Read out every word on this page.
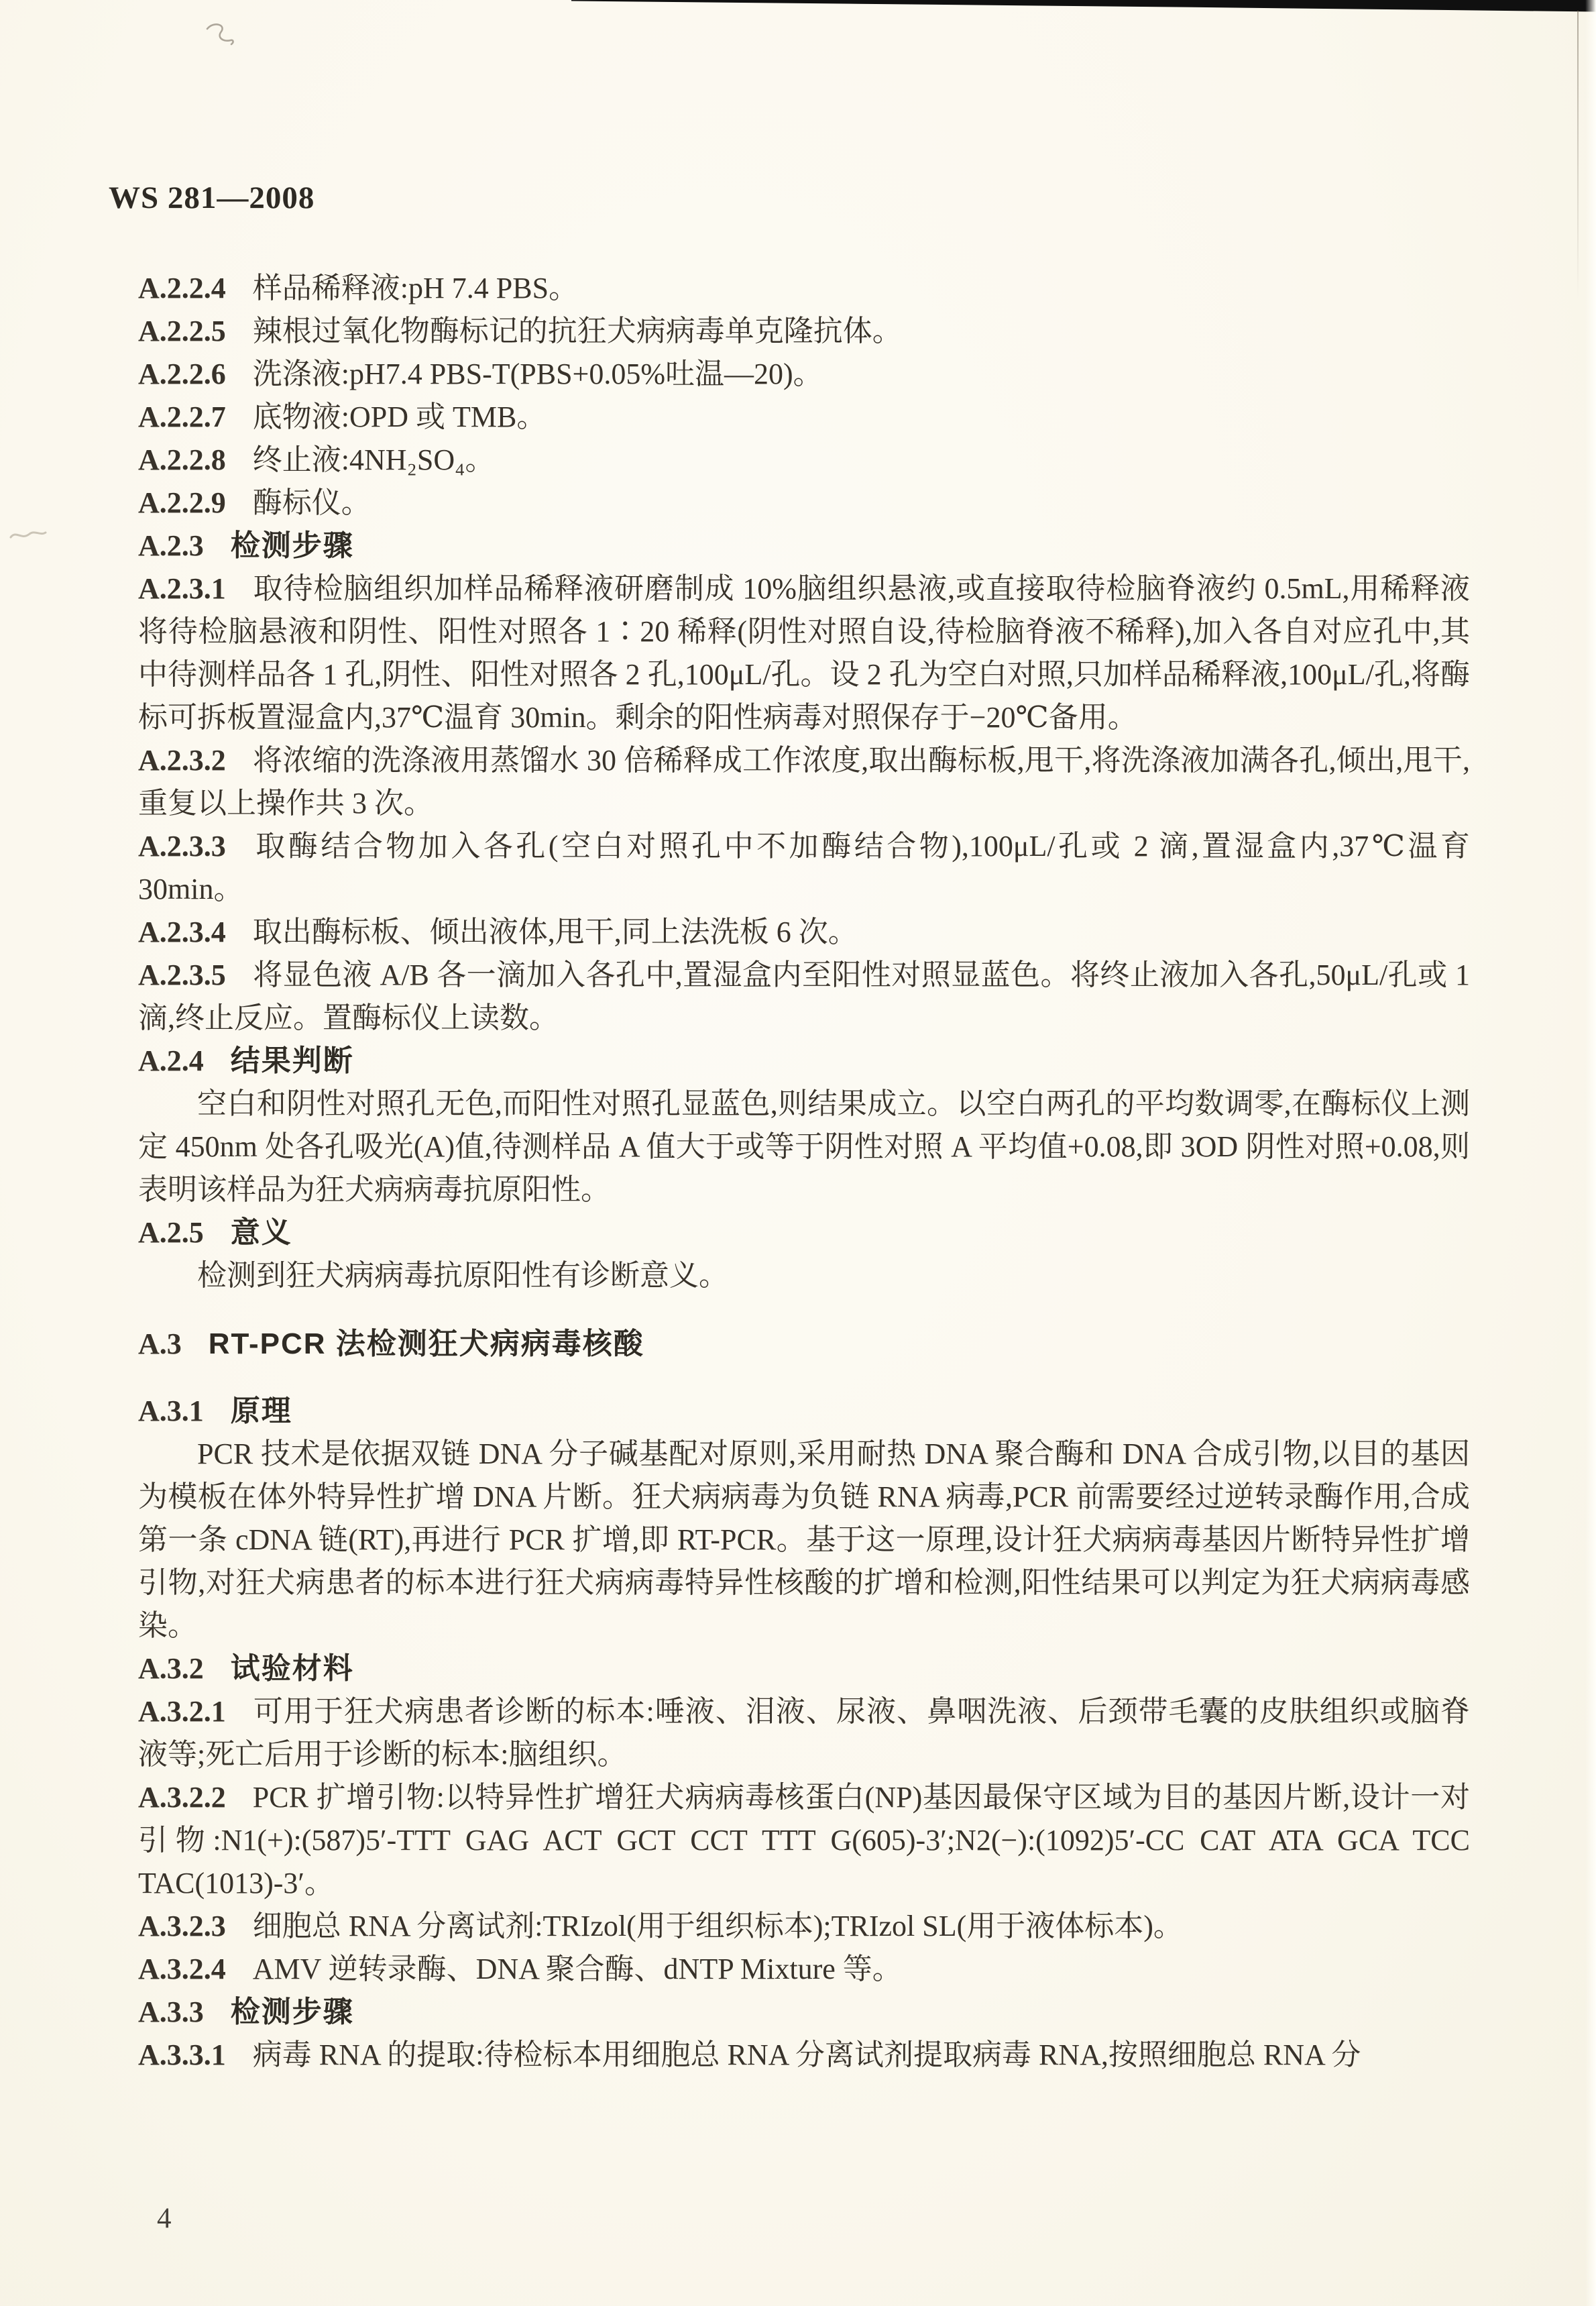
WS 281—2008
A.2.2.4 样品稀释液:pH 7.4 PBS。
A.2.2.5 辣根过氧化物酶标记的抗狂犬病病毒单克隆抗体。
A.2.2.6 洗涤液:pH7.4 PBS-T(PBS+0.05%吐温—20)。
A.2.2.7 底物液:OPD 或 TMB。
A.2.2.8 终止液:4NH₂SO₄。
A.2.2.9 酶标仪。
A.2.3 检测步骤
A.2.3.1 取待检脑组织加样品稀释液研磨制成 10%脑组织悬液,或直接取待检脑脊液约 0.5mL,用稀释液将待检脑悬液和阴性、阳性对照各 1∶20 稀释(阴性对照自设,待检脑脊液不稀释),加入各自对应孔中,其中待测样品各 1 孔,阴性、阳性对照各 2 孔,100μL/孔。设 2 孔为空白对照,只加样品稀释液,100μL/孔,将酶标可拆板置湿盒内,37℃温育 30min。剩余的阳性病毒对照保存于−20℃备用。
A.2.3.2 将浓缩的洗涤液用蒸馏水 30 倍稀释成工作浓度,取出酶标板,甩干,将洗涤液加满各孔,倾出,甩干,重复以上操作共 3 次。
A.2.3.3 取酶结合物加入各孔(空白对照孔中不加酶结合物),100μL/孔或 2 滴,置湿盒内,37℃温育 30min。
A.2.3.4 取出酶标板、倾出液体,甩干,同上法洗板 6 次。
A.2.3.5 将显色液 A/B 各一滴加入各孔中,置湿盒内至阳性对照显蓝色。将终止液加入各孔,50μL/孔或 1 滴,终止反应。置酶标仪上读数。
A.2.4 结果判断
空白和阴性对照孔无色,而阳性对照孔显蓝色,则结果成立。以空白两孔的平均数调零,在酶标仪上测定 450nm 处各孔吸光(A)值,待测样品 A 值大于或等于阴性对照 A 平均值+0.08,即 3OD 阴性对照+0.08,则表明该样品为狂犬病病毒抗原阳性。
A.2.5 意义
检测到狂犬病病毒抗原阳性有诊断意义。
A.3 RT-PCR 法检测狂犬病病毒核酸
A.3.1 原理
PCR 技术是依据双链 DNA 分子碱基配对原则,采用耐热 DNA 聚合酶和 DNA 合成引物,以目的基因为模板在体外特异性扩增 DNA 片断。狂犬病病毒为负链 RNA 病毒,PCR 前需要经过逆转录酶作用,合成第一条 cDNA 链(RT),再进行 PCR 扩增,即 RT-PCR。基于这一原理,设计狂犬病病毒基因片断特异性扩增引物,对狂犬病患者的标本进行狂犬病病毒特异性核酸的扩增和检测,阳性结果可以判定为狂犬病病毒感染。
A.3.2 试验材料
A.3.2.1 可用于狂犬病患者诊断的标本:唾液、泪液、尿液、鼻咽洗液、后颈带毛囊的皮肤组织或脑脊液等;死亡后用于诊断的标本:脑组织。
A.3.2.2 PCR 扩增引物:以特异性扩增狂犬病病毒核蛋白(NP)基因最保守区域为目的基因片断,设计一对引物:N1(+):(587)5′-TTT GAG ACT GCT CCT TTT G(605)-3′;N2(−):(1092)5′-CC CAT ATA GCA TCC TAC(1013)-3′。
A.3.2.3 细胞总 RNA 分离试剂:TRIzol(用于组织标本);TRIzol SL(用于液体标本)。
A.3.2.4 AMV 逆转录酶、DNA 聚合酶、dNTP Mixture 等。
A.3.3 检测步骤
A.3.3.1 病毒 RNA 的提取:待检标本用细胞总 RNA 分离试剂提取病毒 RNA,按照细胞总 RNA 分
4
